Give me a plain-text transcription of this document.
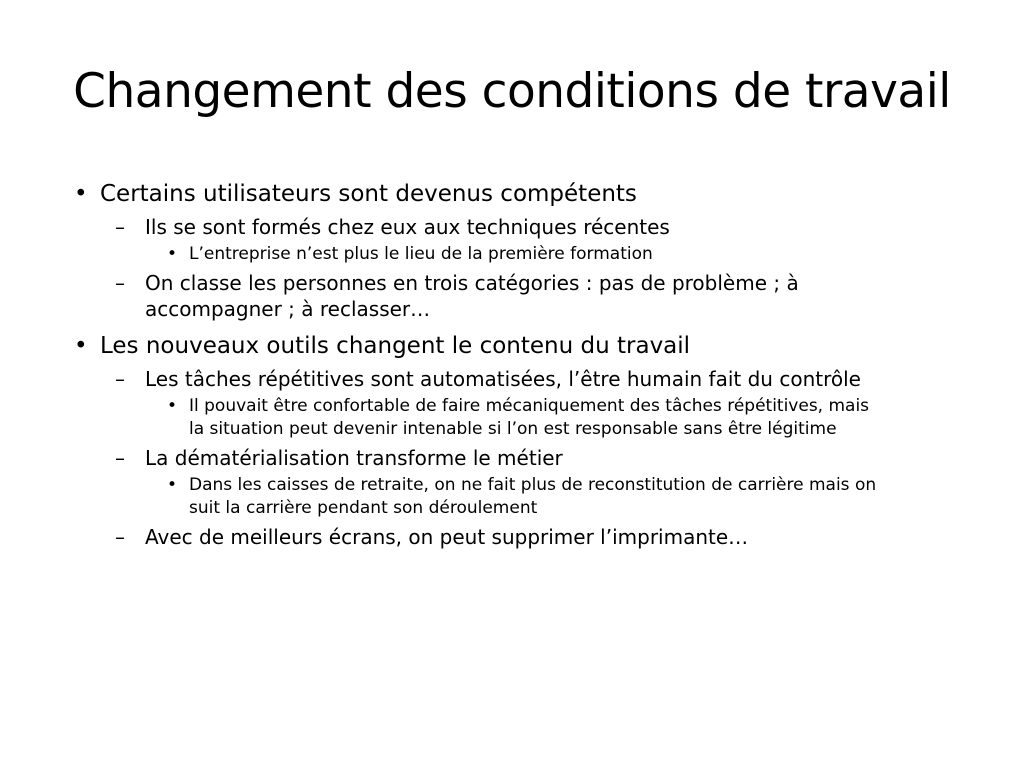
Changement des conditions de travail
• Certains utilisateurs sont devenus compétents
– Ils se sont formés chez eux aux techniques récentes
• L’entreprise n’est plus le lieu de la première formation
– On classe les personnes en trois catégories : pas de problème ; à accompagner ; à reclasser…
• Les nouveaux outils changent le contenu du travail
– Les tâches répétitives sont automatisées, l’être humain fait du contrôle
• Il pouvait être confortable de faire mécaniquement des tâches répétitives, mais la situation peut devenir intenable si l’on est responsable sans être légitime
– La dématérialisation transforme le métier
• Dans les caisses de retraite, on ne fait plus de reconstitution de carrière mais on suit la carrière pendant son déroulement
– Avec de meilleurs écrans, on peut supprimer l’imprimante…
